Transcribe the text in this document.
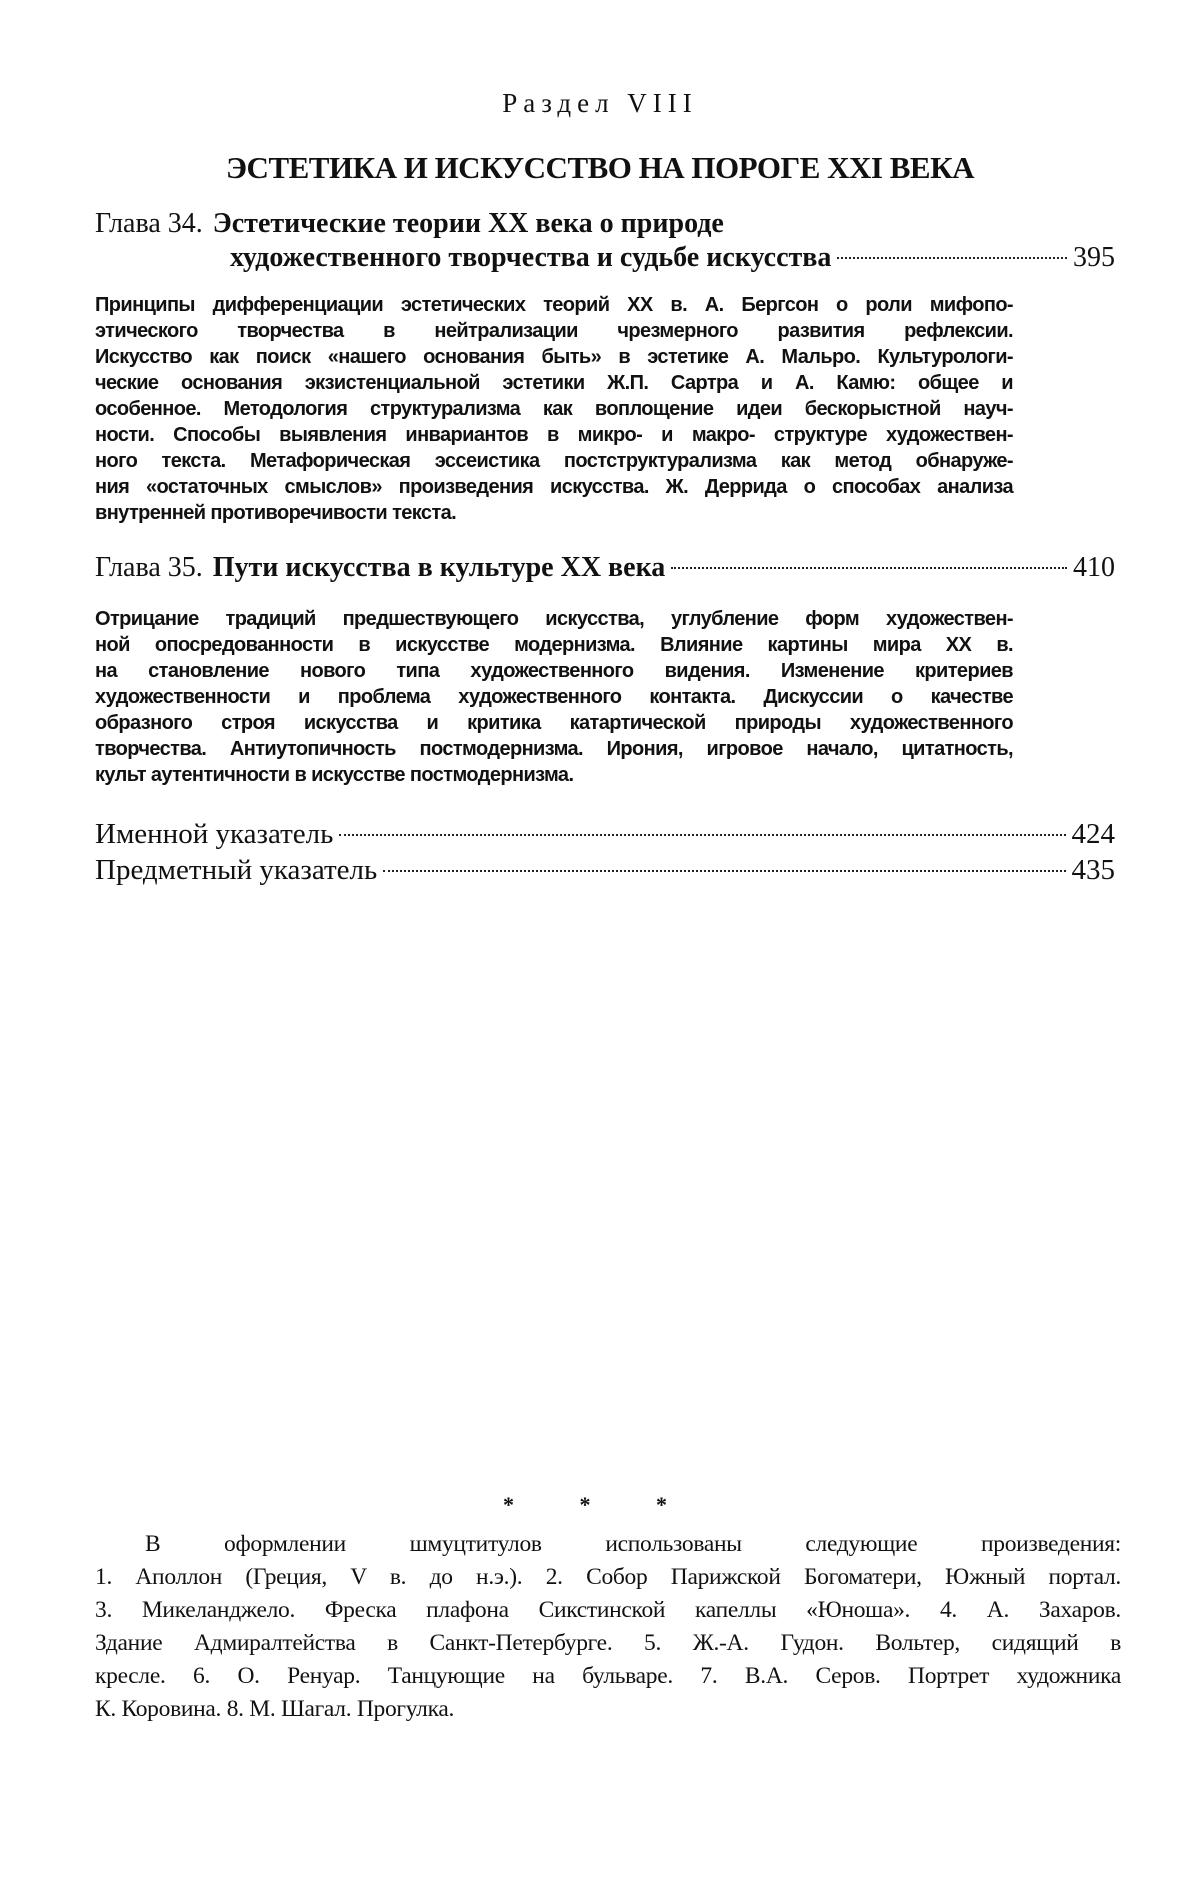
Раздел VIII
ЭСТЕТИКА И ИСКУССТВО НА ПОРОГЕ XXI ВЕКА
Глава 34. Эстетические теории XX века о природе
художественного творчества и судьбе искусства	395
Принципы дифференциации эстетических теорий XX в. А. Бергсон о роли мифопо-
этического творчества в нейтрализации чрезмерного развития рефлексии.
Искусство как поиск «нашего основания быть» в эстетике А. Мальро. Культурологи-
ческие основания экзистенциальной эстетики Ж.П. Сартра и А. Камю: общее и
особенное. Методология структурализма как воплощение идеи бескорыстной науч-
ности. Способы выявления инвариантов в микро- и макро- структуре художествен-
ного текста. Метафорическая эссеистика постструктурализма как метод обнаруже-
ния «остаточных смыслов» произведения искусства. Ж. Деррида о способах анализа
внутренней противоречивости текста.
Глава 35. Пути искусства в культуре XX века	410
Отрицание традиций предшествующего искусства, углубление форм художествен-
ной опосредованности в искусстве модернизма. Влияние картины мира XX в.
на становление нового типа художественного видения. Изменение критериев
художественности и проблема художественного контакта. Дискуссии о качестве
образного строя искусства и критика катартической природы художественного
творчества. Антиутопичность постмодернизма. Ирония, игровое начало, цитатность,
культ аутентичности в искусстве постмодернизма.
Именной указатель	424
Предметный указатель	435
* * *
В оформлении шмуцтитулов использованы следующие произведения:
1. Аполлон (Греция, V в. до н.э.). 2. Собор Парижской Богоматери, Южный портал.
3. Микеланджело. Фреска плафона Сикстинской капеллы «Юноша». 4. А. Захаров.
Здание Адмиралтейства в Санкт-Петербурге. 5. Ж.-А. Гудон. Вольтер, сидящий в
кресле. 6. О. Ренуар. Танцующие на бульваре. 7. В.А. Серов. Портрет художника
К. Коровина. 8. М. Шагал. Прогулка.
